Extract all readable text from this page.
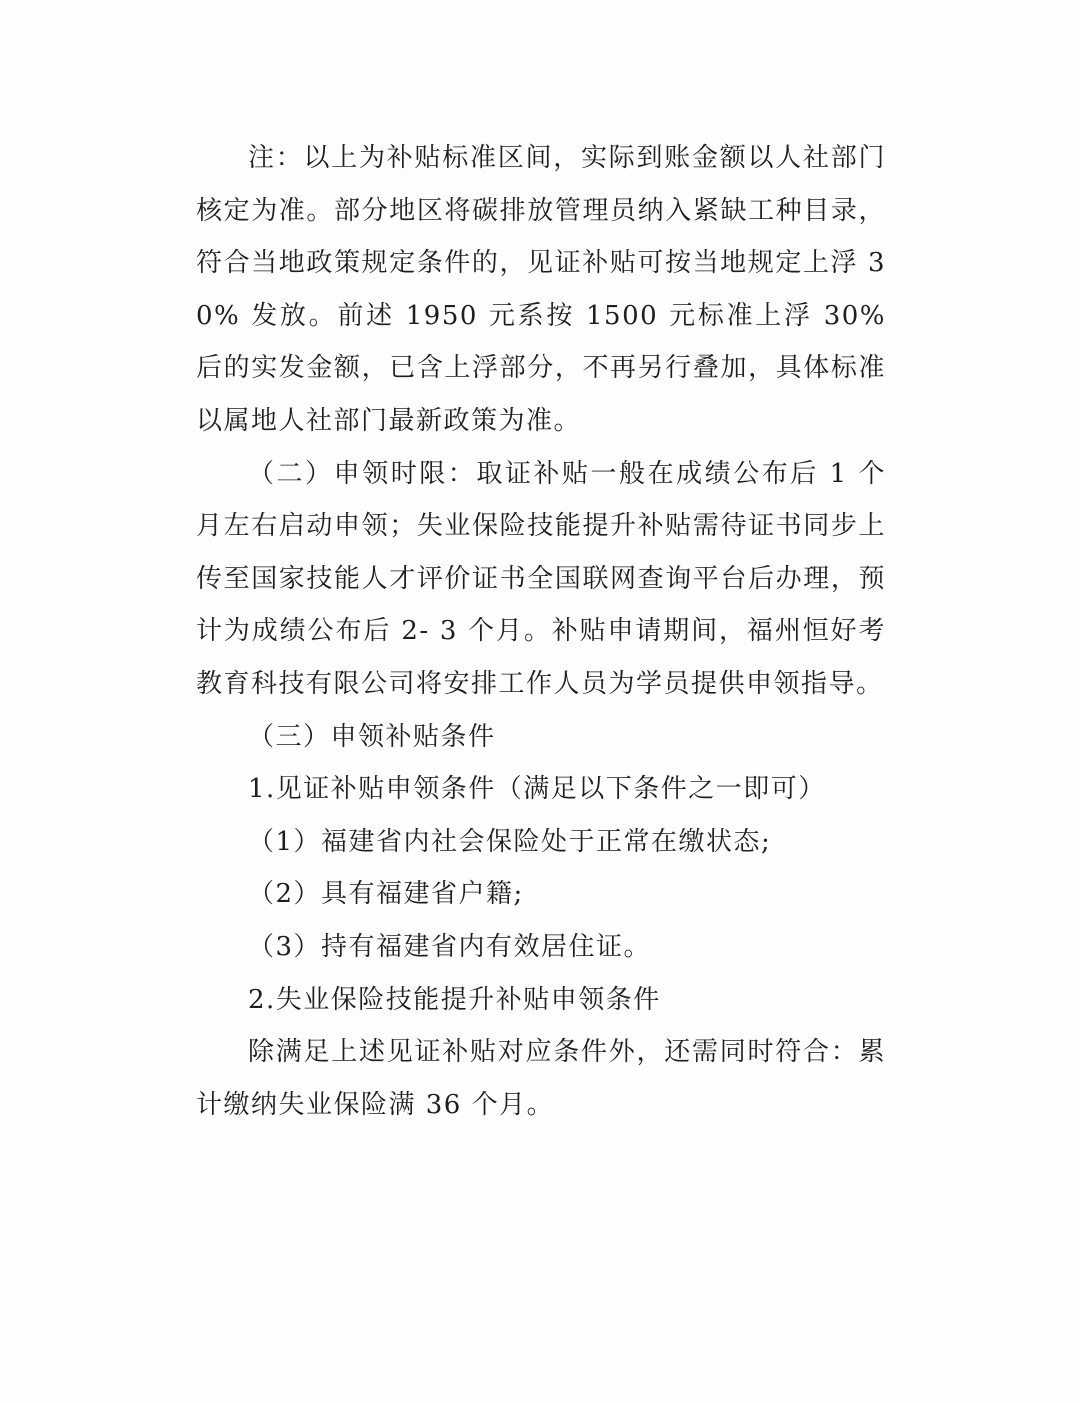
注：以上为补贴标准区间，实际到账金额以人社部门核定为准。部分地区将碳排放管理员纳入紧缺工种目录，符合当地政策规定条件的，见证补贴可按当地规定上浮 30% 发放。前述 1950 元系按 1500 元标准上浮 30% 后的实发金额，已含上浮部分，不再另行叠加，具体标准以属地人社部门最新政策为准。

（二）申领时限：取证补贴一般在成绩公布后 1 个月左右启动申领；失业保险技能提升补贴需待证书同步上传至国家技能人才评价证书全国联网查询平台后办理，预计为成绩公布后 2- 3 个月。补贴申请期间，福州恒好考教育科技有限公司将安排工作人员为学员提供申领指导。

（三）申领补贴条件

1.见证补贴申领条件（满足以下条件之一即可）

（1）福建省内社会保险处于正常在缴状态;

（2）具有福建省户籍;

（3）持有福建省内有效居住证。

2.失业保险技能提升补贴申领条件

除满足上述见证补贴对应条件外，还需同时符合：累计缴纳失业保险满 36 个月。
